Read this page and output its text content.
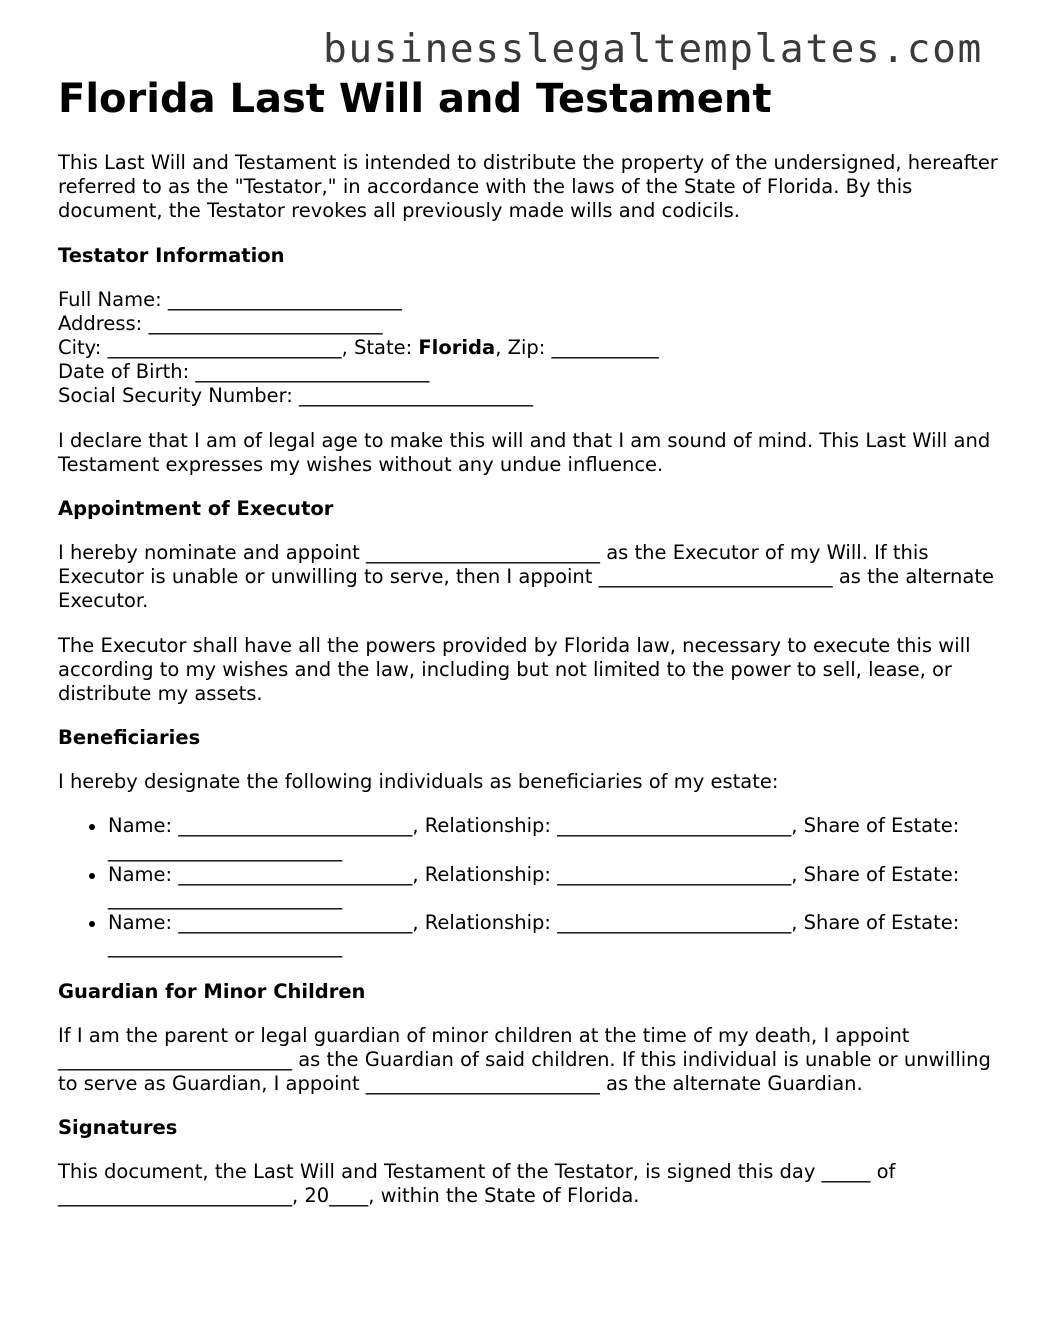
businesslegaltemplates.com
Florida Last Will and Testament

This Last Will and Testament is intended to distribute the property of the undersigned, hereafter referred to as the "Testator," in accordance with the laws of the State of Florida. By this document, the Testator revokes all previously made wills and codicils.

Testator Information

Full Name: ________________________
Address: ________________________
City: ________________________, State: Florida, Zip: ___________
Date of Birth: ________________________
Social Security Number: ________________________

I declare that I am of legal age to make this will and that I am sound of mind. This Last Will and Testament expresses my wishes without any undue influence.

Appointment of Executor

I hereby nominate and appoint ________________________ as the Executor of my Will. If this Executor is unable or unwilling to serve, then I appoint ________________________ as the alternate Executor.

The Executor shall have all the powers provided by Florida law, necessary to execute this will according to my wishes and the law, including but not limited to the power to sell, lease, or distribute my assets.

Beneficiaries

I hereby designate the following individuals as beneficiaries of my estate:

Name: ________________________, Relationship: ________________________, Share of Estate: ________________________
Name: ________________________, Relationship: ________________________, Share of Estate: ________________________
Name: ________________________, Relationship: ________________________, Share of Estate: ________________________
Guardian for Minor Children

If I am the parent or legal guardian of minor children at the time of my death, I appoint ________________________ as the Guardian of said children. If this individual is unable or unwilling to serve as Guardian, I appoint ________________________ as the alternate Guardian.

Signatures

This document, the Last Will and Testament of the Testator, is signed this day _____ of ________________________, 20____, within the State of Florida.
